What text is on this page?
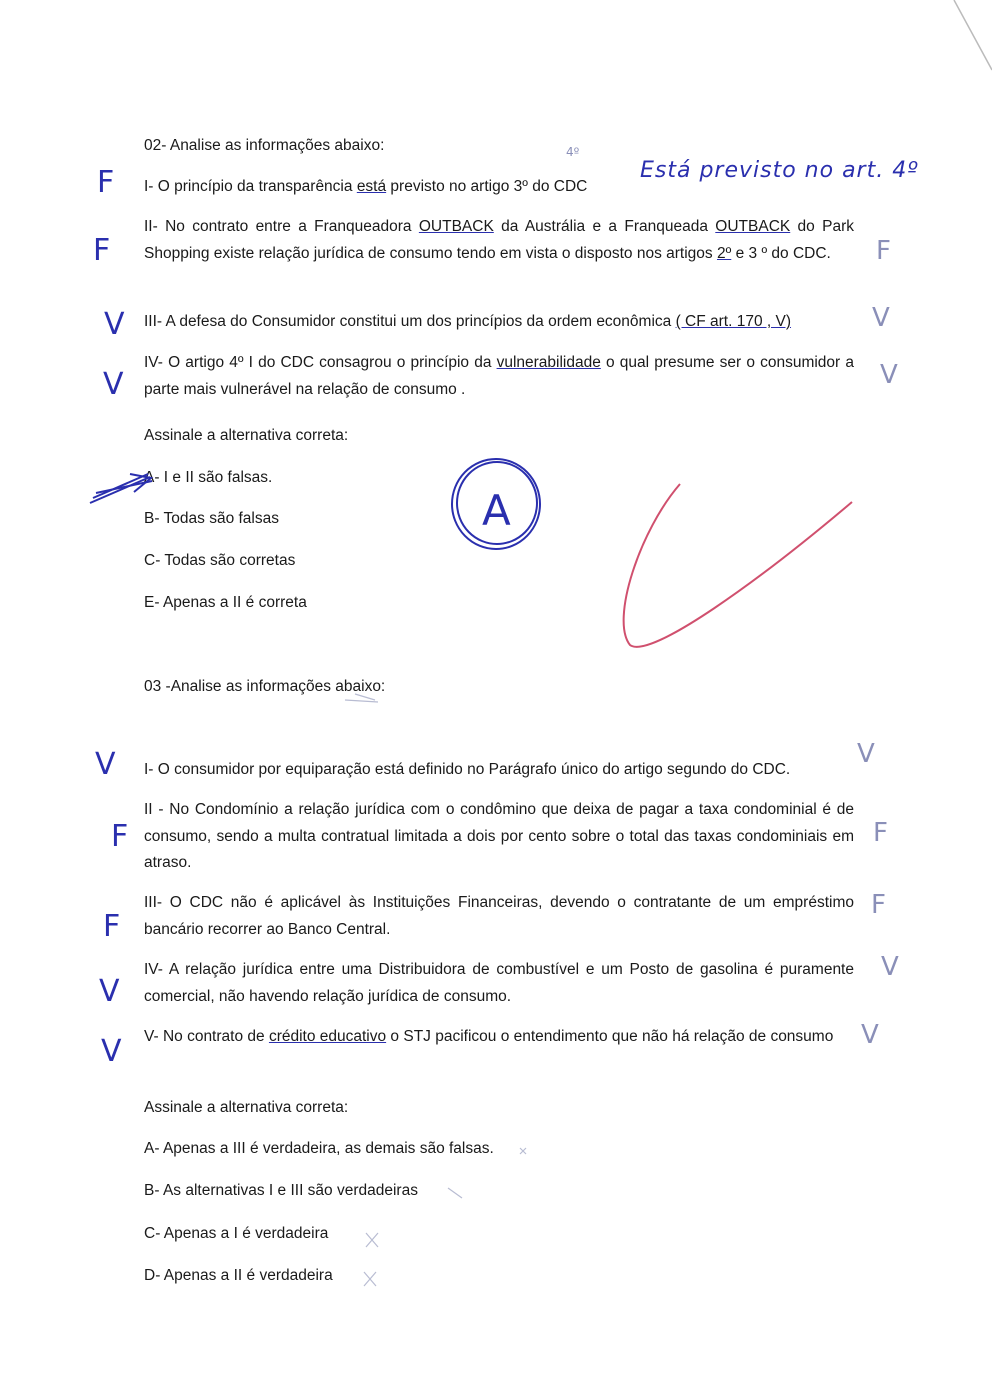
02- Analise as informações abaixo:
I- O princípio da transparência está previsto no artigo 3º do CDC
II- No contrato entre a Franqueadora OUTBACK da Austrália e a Franqueada OUTBACK do Park Shopping existe relação jurídica de consumo tendo em vista o disposto nos artigos 2º e 3 º do CDC.
III- A defesa do Consumidor constitui um dos princípios da ordem econômica ( CF art. 170 , V)
IV- O artigo 4º I do CDC consagrou o princípio da vulnerabilidade o qual presume ser o consumidor a parte mais vulnerável na relação de consumo .
Assinale a alternativa correta:
A- I e II são falsas.
B- Todas são falsas
C- Todas são corretas
E- Apenas a II é correta
03 -Analise as informações abaixo:
I- O consumidor por equiparação está definido no Parágrafo único do artigo segundo do CDC.
II - No Condomínio a relação jurídica com o condômino que deixa de pagar a taxa condominial é de consumo, sendo a multa contratual limitada a dois por cento sobre o total das taxas condominiais em atraso.
III- O CDC não é aplicável às Instituições Financeiras, devendo o contratante de um empréstimo bancário recorrer ao Banco Central.
IV- A relação jurídica entre uma Distribuidora de combustível e um Posto de gasolina é puramente comercial, não havendo relação jurídica de consumo.
V- No contrato de crédito educativo o STJ pacificou o entendimento que não há relação de consumo
Assinale a alternativa correta:
A- Apenas a III é verdadeira, as demais são falsas.
B- As alternativas I e III são verdadeiras
C- Apenas a I é verdadeira
D- Apenas a II é verdadeira
F
F
V
V
V
F
F
V
V
F
V
V
V
F
F
V
V
Está previsto no art. 4º
4º
A
